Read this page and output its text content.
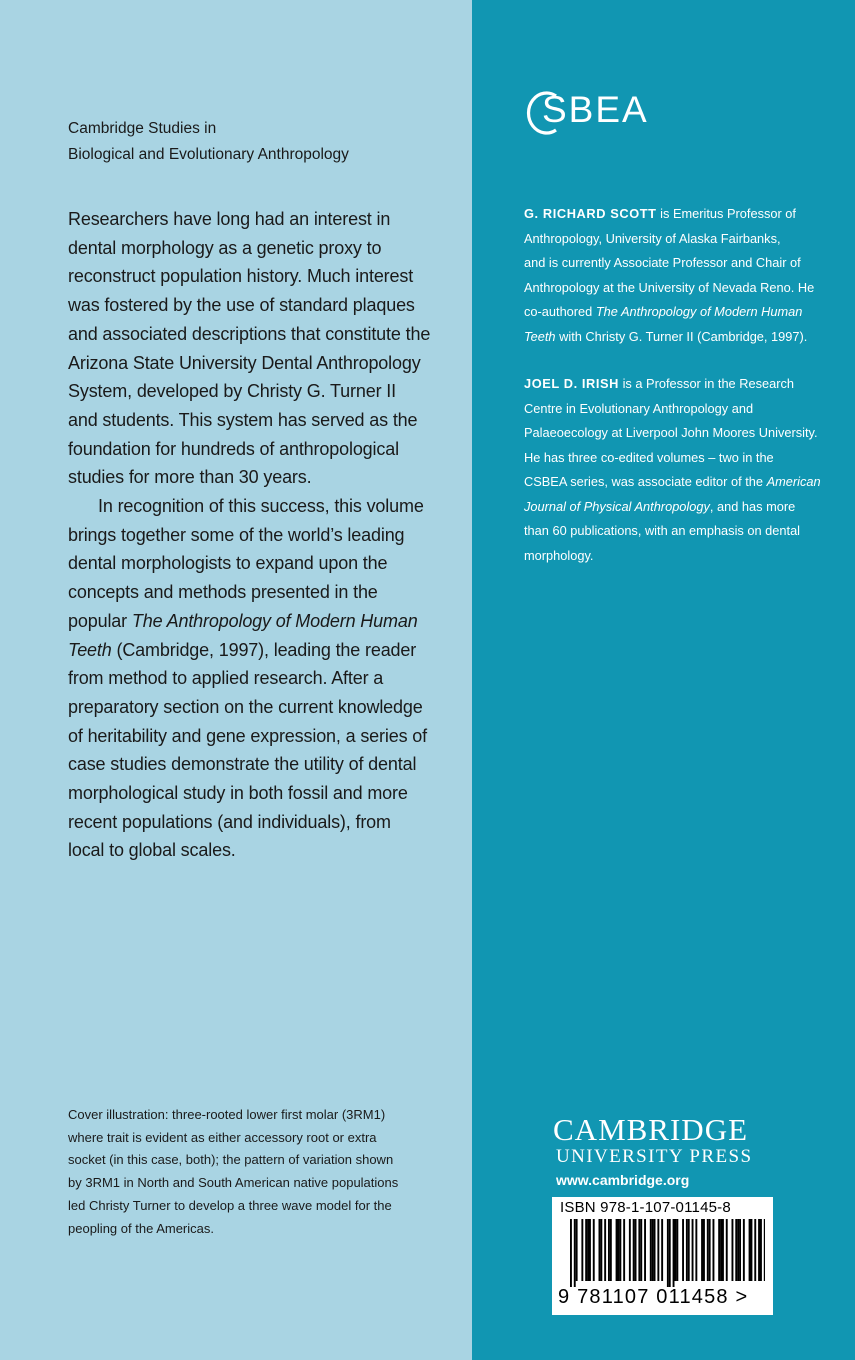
Cambridge Studies in
Biological and Evolutionary Anthropology

Researchers have long had an interest in
dental morphology as a genetic proxy to
reconstruct population history. Much interest
was fostered by the use of standard plaques
and associated descriptions that constitute the
Arizona State University Dental Anthropology
System, developed by Christy G. Turner II
and students. This system has served as the
foundation for hundreds of anthropological
studies for more than 30 years.

In recognition of this success, this volume
brings together some of the world’s leading
dental morphologists to expand upon the
concepts and methods presented in the
popular The Anthropology of Modern Human
Teeth (Cambridge, 1997), leading the reader
from method to applied research. After a
preparatory section on the current knowledge
of heritability and gene expression, a series of
case studies demonstrate the utility of dental
morphological study in both fossil and more
recent populations (and individuals), from
local to global scales.

Cover illustration: three-rooted lower first molar (3RM1)
where trait is evident as either accessory root or extra
socket (in this case, both); the pattern of variation shown
by 3RM1 in North and South American native populations
led Christy Turner to develop a three wave model for the
peopling of the Americas.
SBEA
G. RICHARD SCOTT is Emeritus Professor of
Anthropology, University of Alaska Fairbanks,
and is currently Associate Professor and Chair of
Anthropology at the University of Nevada Reno. He
co-authored The Anthropology of Modern Human
Teeth with Christy G. Turner II (Cambridge, 1997).
JOEL D. IRISH is a Professor in the Research
Centre in Evolutionary Anthropology and
Palaeoecology at Liverpool John Moores University.
He has three co-edited volumes – two in the
CSBEA series, was associate editor of the American
Journal of Physical Anthropology, and has more
than 60 publications, with an emphasis on dental
morphology.
CAMBRIDGE
UNIVERSITY PRESS
www.cambridge.org
ISBN 978-1-107-01145-8
9 781107 011458 >
